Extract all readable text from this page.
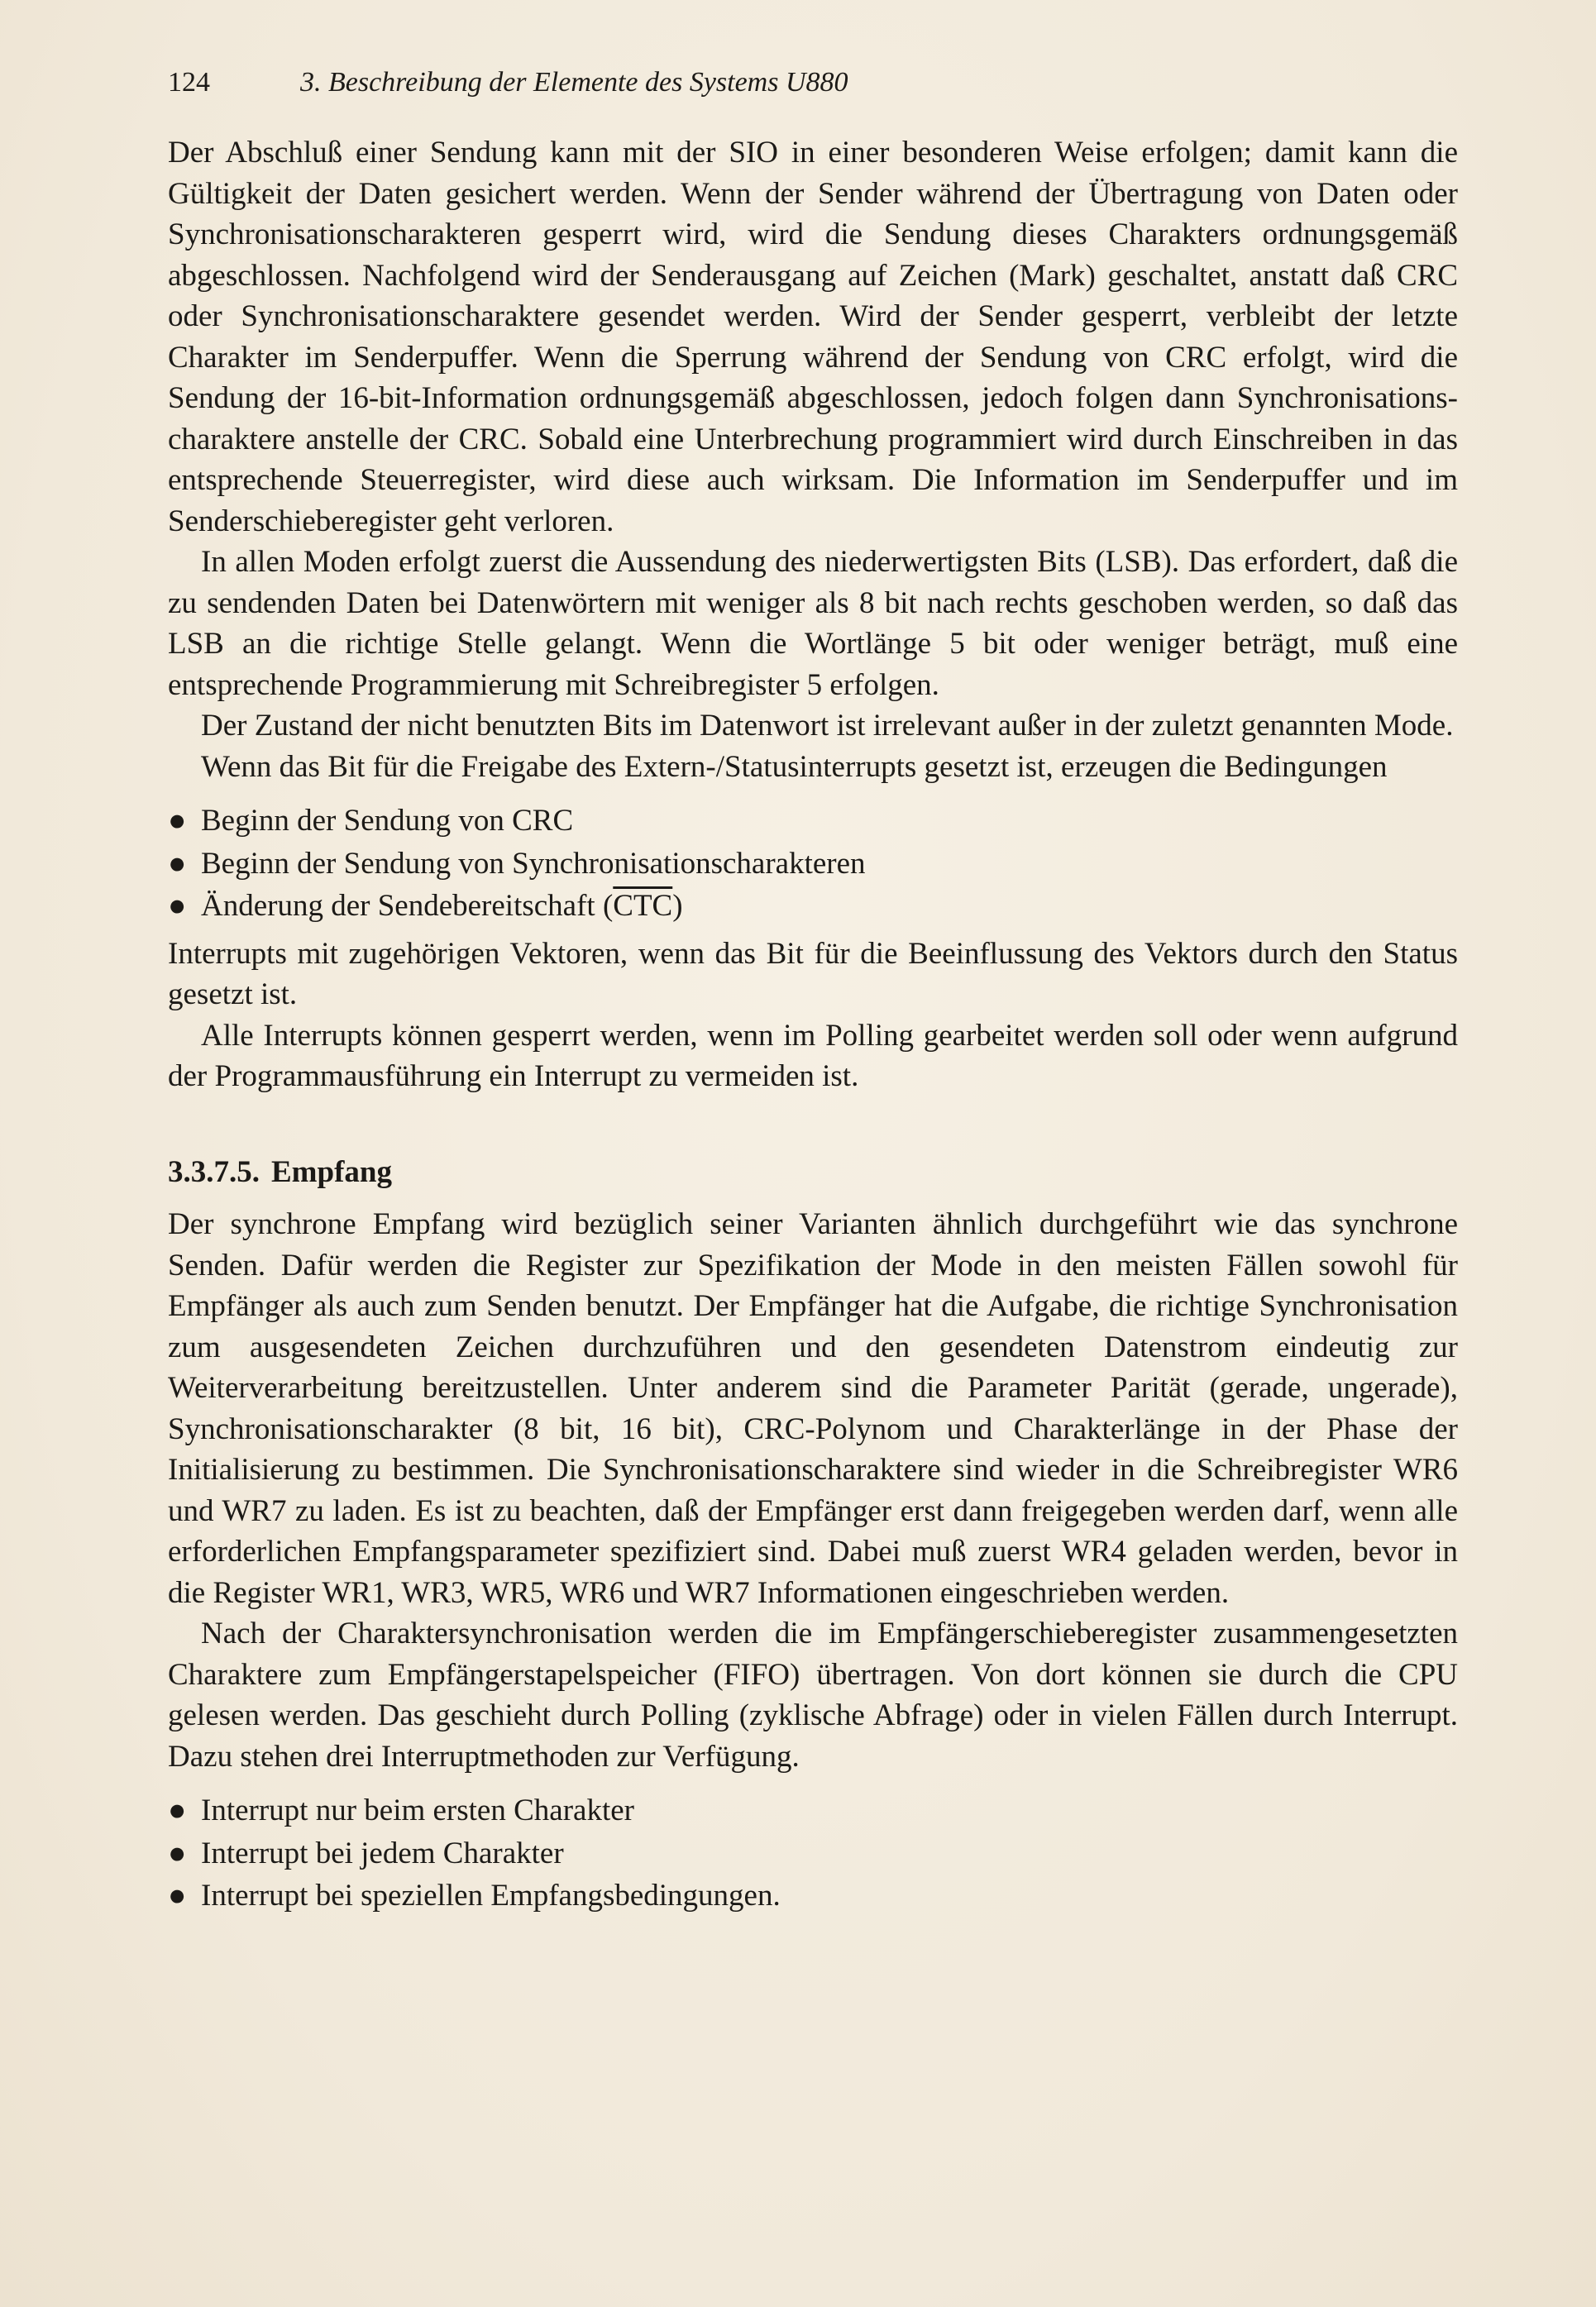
124	3. Beschreibung der Elemente des Systems U880

Der Abschluß einer Sendung kann mit der SIO in einer besonderen Weise erfolgen; damit kann die Gültigkeit der Daten gesichert werden. Wenn der Sender während der Übertragung von Daten oder Synchronisationscharakteren gesperrt wird, wird die Sendung dieses Charakters ordnungsgemäß abgeschlossen. Nachfolgend wird der Senderausgang auf Zeichen (Mark) geschaltet, anstatt daß CRC oder Synchronisationscharaktere gesendet werden. Wird der Sender gesperrt, verbleibt der letzte Charakter im Senderpuffer. Wenn die Sperrung während der Sendung von CRC erfolgt, wird die Sendung der 16-bit-Information ordnungsgemäß abgeschlossen, jedoch folgen dann Synchronisationscharaktere anstelle der CRC. Sobald eine Unterbrechung programmiert wird durch Einschreiben in das entsprechende Steuerregister, wird diese auch wirksam. Die Information im Senderpuffer und im Senderschieberegister geht verloren.

In allen Moden erfolgt zuerst die Aussendung des niederwertigsten Bits (LSB). Das erfordert, daß die zu sendenden Daten bei Datenwörtern mit weniger als 8 bit nach rechts geschoben werden, so daß das LSB an die richtige Stelle gelangt. Wenn die Wortlänge 5 bit oder weniger beträgt, muß eine entsprechende Programmierung mit Schreibregister 5 erfolgen.

Der Zustand der nicht benutzten Bits im Datenwort ist irrelevant außer in der zuletzt genannten Mode.

Wenn das Bit für die Freigabe des Extern-/Statusinterrupts gesetzt ist, erzeugen die Bedingungen

● Beginn der Sendung von CRC
● Beginn der Sendung von Synchronisationscharakteren
● Änderung der Sendebereitschaft $(\overline{CTC})$

Interrupts mit zugehörigen Vektoren, wenn das Bit für die Beeinflussung des Vektors durch den Status gesetzt ist.

Alle Interrupts können gesperrt werden, wenn im Polling gearbeitet werden soll oder wenn aufgrund der Programmausführung ein Interrupt zu vermeiden ist.

3.3.7.5. Empfang

Der synchrone Empfang wird bezüglich seiner Varianten ähnlich durchgeführt wie das synchrone Senden. Dafür werden die Register zur Spezifikation der Mode in den meisten Fällen sowohl für Empfänger als auch zum Senden benutzt. Der Empfänger hat die Aufgabe, die richtige Synchronisation zum ausgesendeten Zeichen durchzuführen und den gesendeten Datenstrom eindeutig zur Weiterverarbeitung bereitzustellen. Unter anderem sind die Parameter Parität (gerade, ungerade), Synchronisationscharakter (8 bit, 16 bit), CRC-Polynom und Charakterlänge in der Phase der Initialisierung zu bestimmen. Die Synchronisationscharaktere sind wieder in die Schreibregister WR6 und WR7 zu laden. Es ist zu beachten, daß der Empfänger erst dann freigegeben werden darf, wenn alle erforderlichen Empfangsparameter spezifiziert sind. Dabei muß zuerst WR4 geladen werden, bevor in die Register WR1, WR3, WR5, WR6 und WR7 Informationen eingeschrieben werden.

Nach der Charaktersynchronisation werden die im Empfängerschieberegister zusammengesetzten Charaktere zum Empfängerstapelspeicher (FIFO) übertragen. Von dort können sie durch die CPU gelesen werden. Das geschieht durch Polling (zyklische Abfrage) oder in vielen Fällen durch Interrupt. Dazu stehen drei Interruptmethoden zur Verfügung.

● Interrupt nur beim ersten Charakter
● Interrupt bei jedem Charakter
● Interrupt bei speziellen Empfangsbedingungen.
